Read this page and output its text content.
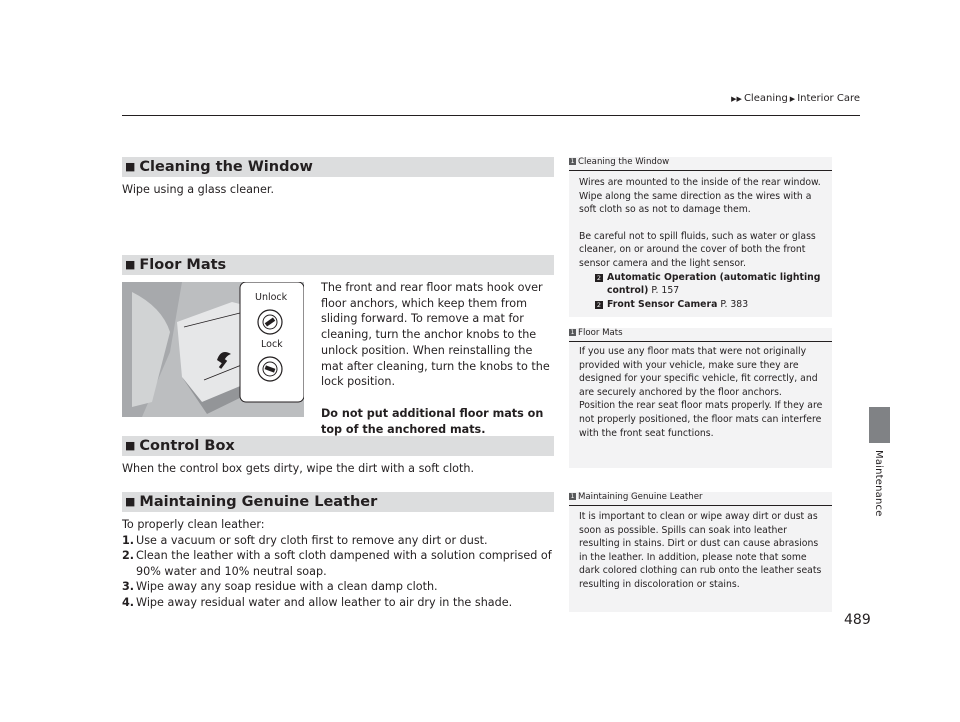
▶▶ Cleaning ▶ Interior Care
Maintenance
■ Cleaning the Window
Wipe using a glass cleaner.
■ Floor Mats
Unlock
Lock

The front and rear floor mats hook over floor anchors, which keep them from sliding forward. To remove a mat for cleaning, turn the anchor knobs to the unlock position. When reinstalling the mat after cleaning, turn the knobs to the lock position.

Do not put additional floor mats on top of the anchored mats.

■ Control Box
When the control box gets dirty, wipe the dirt with a soft cloth.
■ Maintaining Genuine Leather
To properly clean leather:
1. Use a vacuum or soft dry cloth first to remove any dirt or dust.
2. Clean the leather with a soft cloth dampened with a solution comprised of 90% water and 10% neutral soap.
3. Wipe away any soap residue with a clean damp cloth.
4. Wipe away residual water and allow leather to air dry in the shade.
1 Cleaning the Window

Wires are mounted to the inside of the rear window. Wipe along the same direction as the wires with a soft cloth so as not to damage them.

Be careful not to spill fluids, such as water or glass cleaner, on or around the cover of both the front sensor camera and the light sensor.

2 Automatic Operation (automatic lighting

control) P. 157

2 Front Sensor Camera P. 383

1 Floor Mats

If you use any floor mats that were not originally provided with your vehicle, make sure they are designed for your specific vehicle, fit correctly, and are securely anchored by the floor anchors.

Position the rear seat floor mats properly. If they are not properly positioned, the floor mats can interfere with the front seat functions.

1 Maintaining Genuine Leather

It is important to clean or wipe away dirt or dust as soon as possible. Spills can soak into leather resulting in stains. Dirt or dust can cause abrasions in the leather. In addition, please note that some dark colored clothing can rub onto the leather seats resulting in discoloration or stains.

489
